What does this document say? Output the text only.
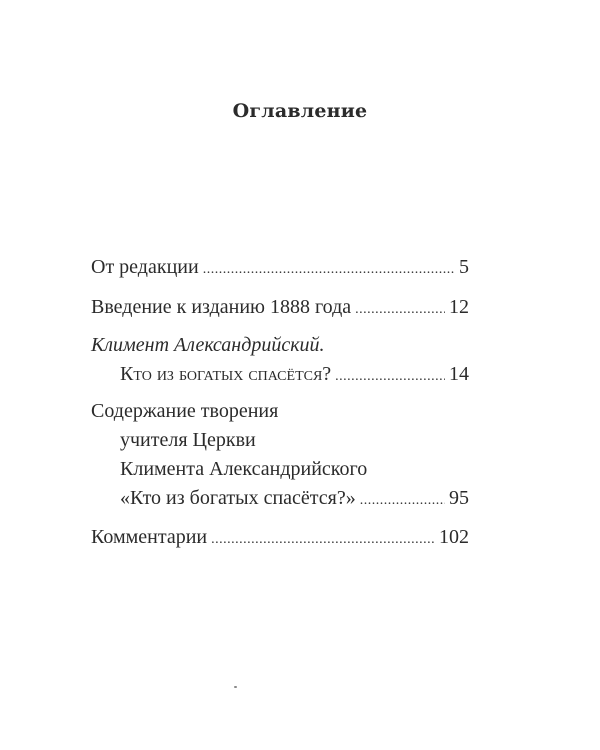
Оглавление
От редакции .....	5
Введение к изданию 1888 года .....	12
Климент Александрийский.
Кто из богатых спасётся? .....	14
Содержание творения
учителя Церкви
Климента Александрийского
«Кто из богатых спасётся?» .....	95
Комментарии .....	102
